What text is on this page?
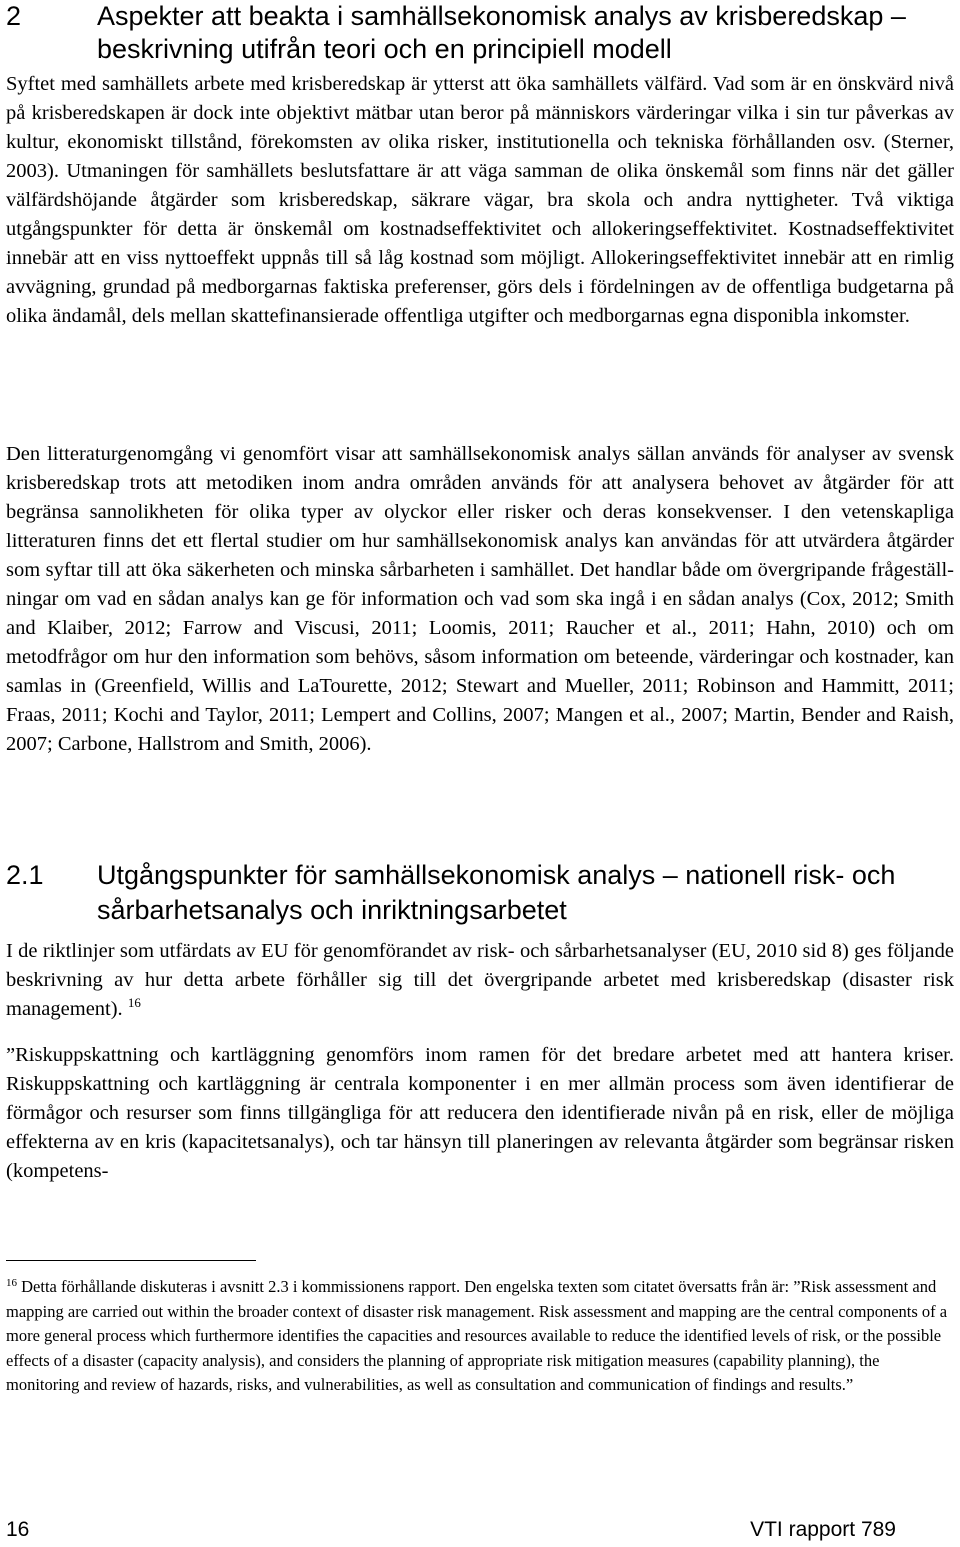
2	Aspekter att beakta i samhällsekonomisk analys av krisberedskap – beskrivning utifrån teori och en principiell modell
Syftet med samhällets arbete med krisberedskap är ytterst att öka samhällets välfärd. Vad som är en önskvärd nivå på krisberedskapen är dock inte objektivt mätbar utan beror på människors värderingar vilka i sin tur påverkas av kultur, ekonomiskt tillstånd, förekomsten av olika risker, institutionella och tekniska förhållanden osv. (Sterner, 2003). Utmaningen för samhällets beslutsfattare är att väga samman de olika önskemål som finns när det gäller välfärdshöjande åtgärder som krisberedskap, säkrare vägar, bra skola och andra nyttigheter. Två viktiga utgångspunkter för detta är önskemål om kostnadseffektivitet och allokeringseffektivitet. Kostnadseffektivitet innebär att en viss nyttoeffekt uppnås till så låg kostnad som möjligt. Allokeringseffektivitet innebär att en rimlig avvägning, grundad på medborgarnas faktiska preferenser, görs dels i fördelningen av de offentliga budgetarna på olika ändamål, dels mellan skattefinansierade offentliga utgifter och medborgarnas egna disponibla inkomster.
Den litteraturgenomgång vi genomfört visar att samhällsekonomisk analys sällan används för analyser av svensk krisberedskap trots att metodiken inom andra områden används för att analysera behovet av åtgärder för att begränsa sannolikheten för olika typer av olyckor eller risker och deras konsekvenser. I den vetenskapliga litteraturen finns det ett flertal studier om hur samhällsekonomisk analys kan användas för att utvärdera åtgärder som syftar till att öka säkerheten och minska sårbarheten i samhället. Det handlar både om övergripande frågeställningar om vad en sådan analys kan ge för information och vad som ska ingå i en sådan analys (Cox, 2012; Smith and Klaiber, 2012; Farrow and Viscusi, 2011; Loomis, 2011; Raucher et al., 2011; Hahn, 2010) och om metodfrågor om hur den information som behövs, såsom information om beteende, värderingar och kostnader, kan samlas in (Greenfield, Willis and LaTourette, 2012; Stewart and Mueller, 2011; Robinson and Hammitt, 2011; Fraas, 2011; Kochi and Taylor, 2011; Lempert and Collins, 2007; Mangen et al., 2007; Martin, Bender and Raish, 2007; Carbone, Hallstrom and Smith, 2006).
2.1 Utgångspunkter för samhällsekonomisk analys – nationell risk- och sårbarhetsanalys och inriktningsarbetet
I de riktlinjer som utfärdats av EU för genomförandet av risk- och sårbarhetsanalyser (EU, 2010 sid 8) ges följande beskrivning av hur detta arbete förhåller sig till det övergripande arbetet med krisberedskap (disaster risk management). $^{16}$
”Riskuppskattning och kartläggning genomförs inom ramen för det bredare arbetet med att hantera kriser. Riskuppskattning och kartläggning är centrala komponenter i en mer allmän process som även identifierar de förmågor och resurser som finns tillgängliga för att reducera den identifierade nivån på en risk, eller de möjliga effekterna av en kris (kapacitetsanalys), och tar hänsyn till planeringen av relevanta åtgärder som begränsar risken (kompetens-
$^{16}$ Detta förhållande diskuteras i avsnitt 2.3 i kommissionens rapport. Den engelska texten som citatet översatts från är: ”Risk assessment and mapping are carried out within the broader context of disaster risk management. Risk assessment and mapping are the central components of a more general process which furthermore identifies the capacities and resources available to reduce the identified levels of risk, or the possible effects of a disaster (capacity analysis), and considers the planning of appropriate risk mitigation measures (capability planning), the monitoring and review of hazards, risks, and vulnerabilities, as well as consultation and communication of findings and results.”
16	VTI rapport 789
